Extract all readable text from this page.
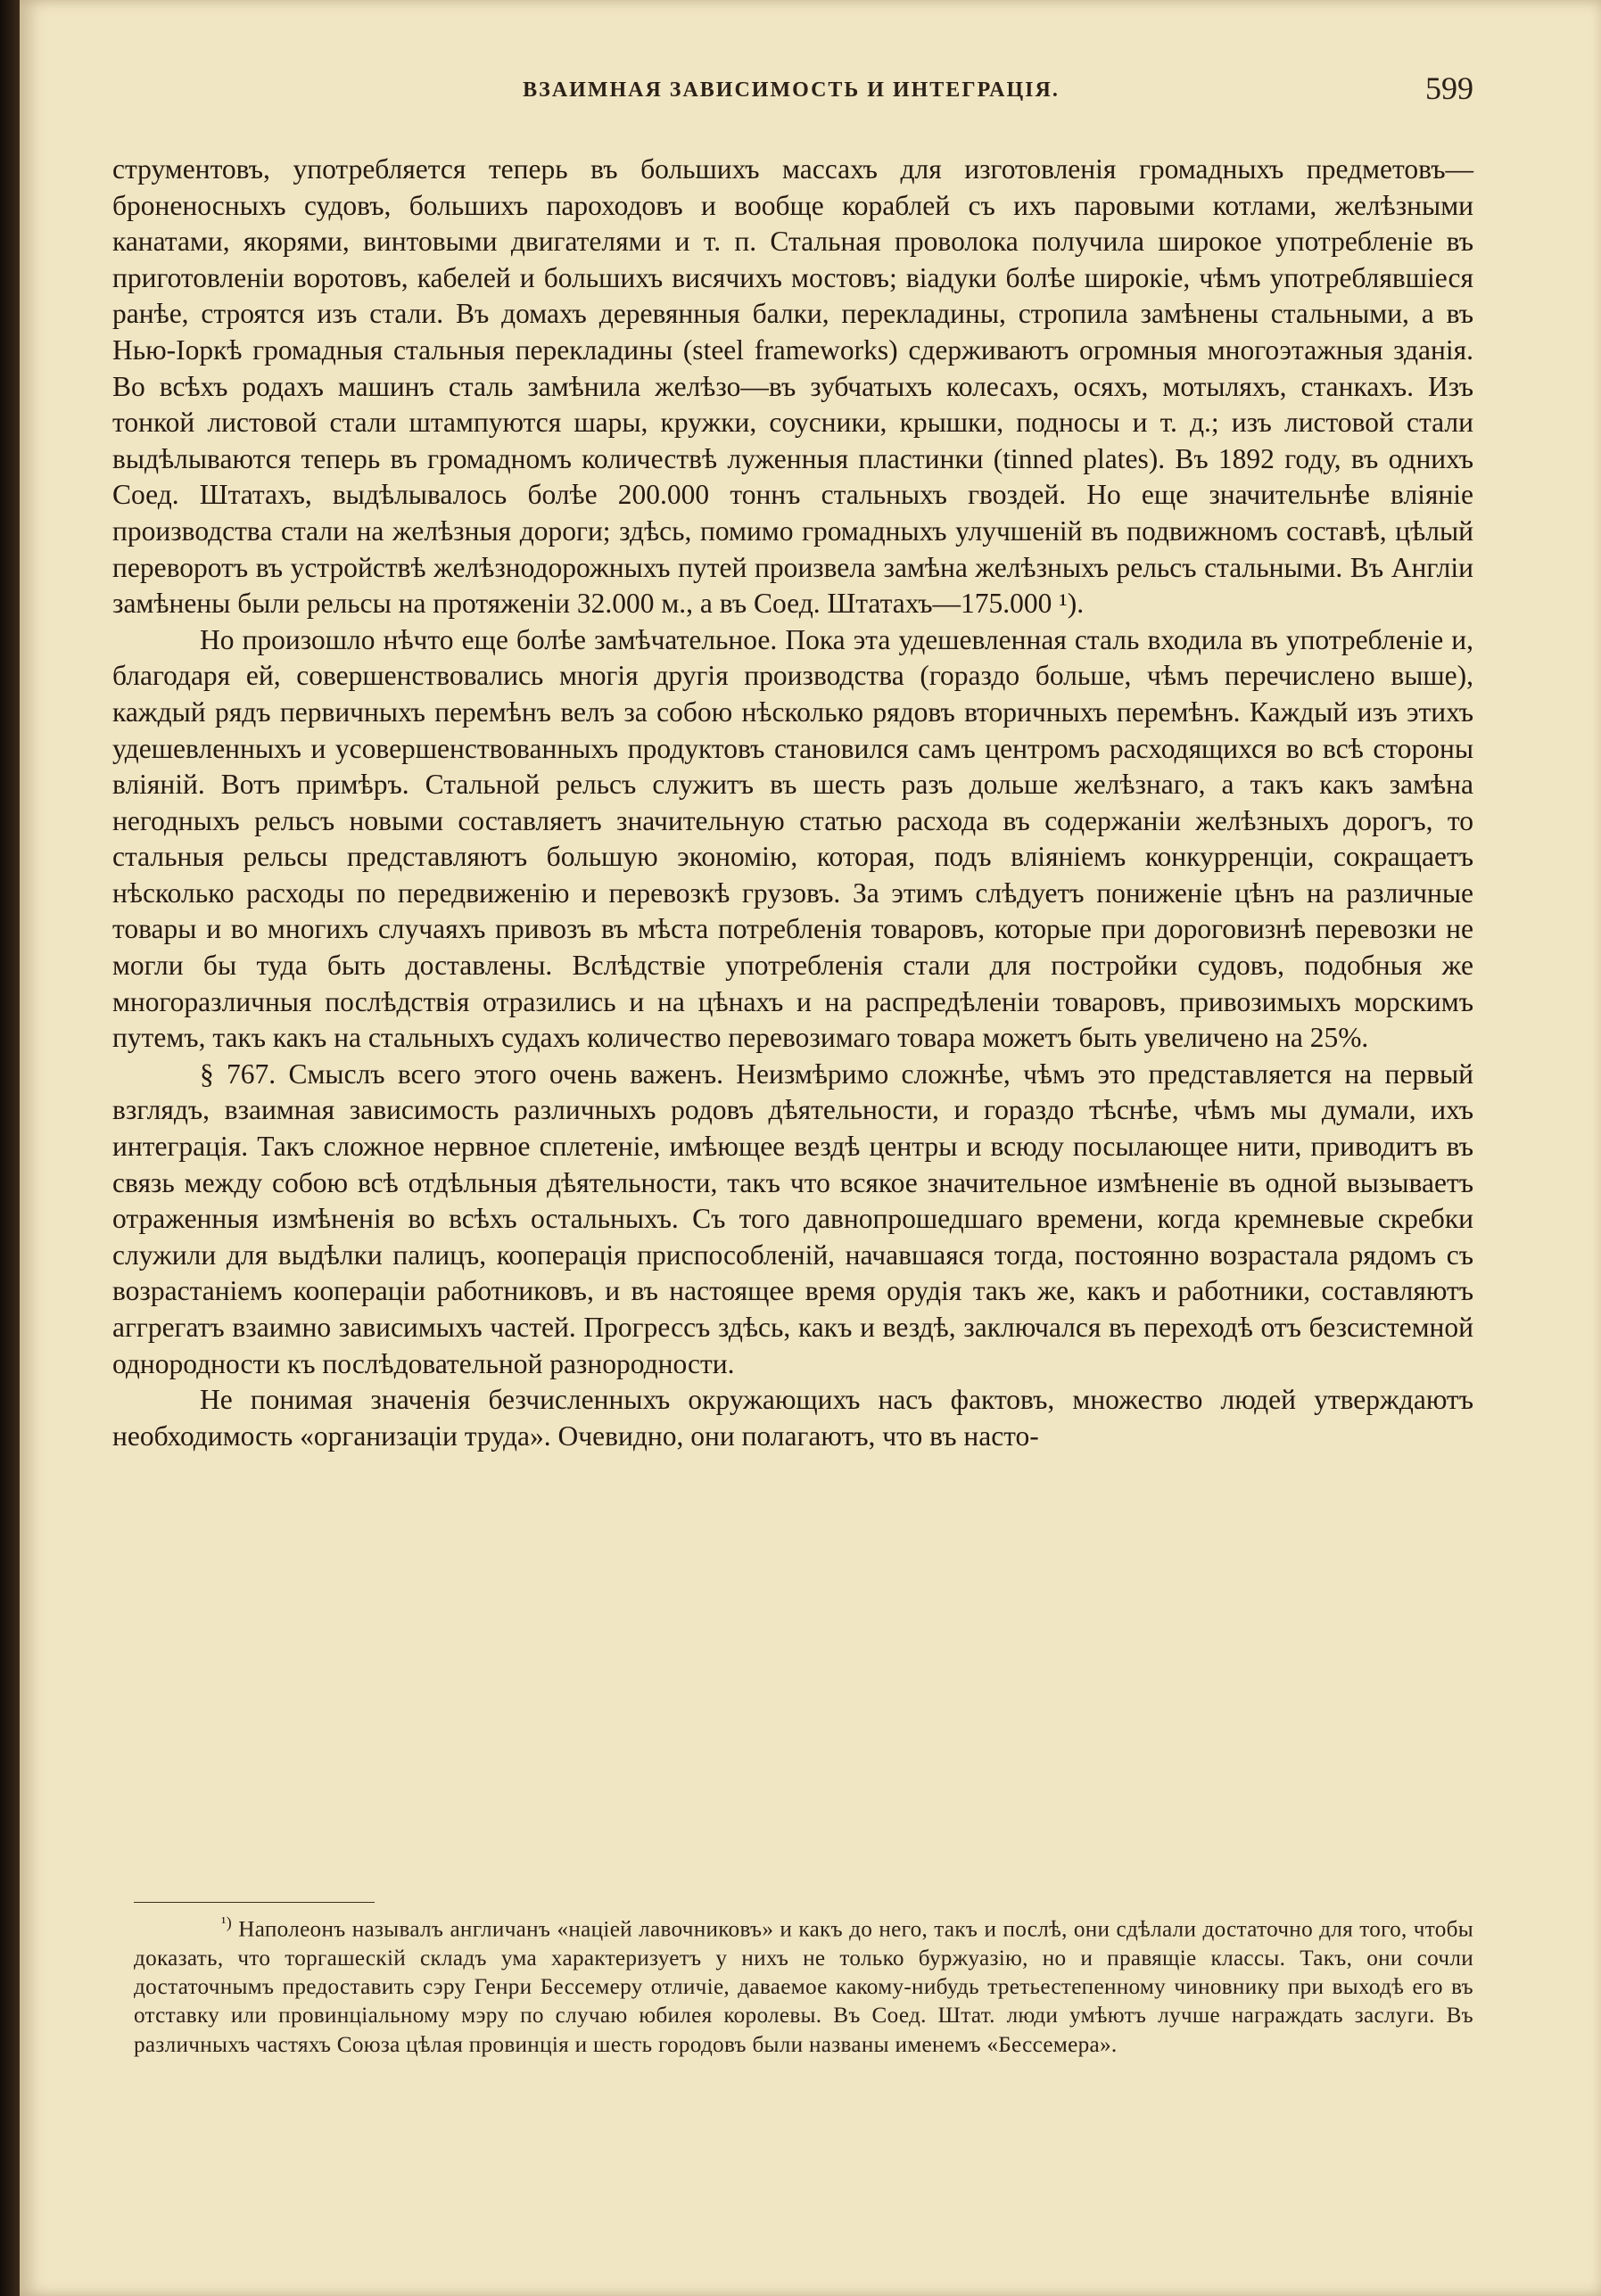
ВЗАИМНАЯ ЗАВИСИМОСТЬ И ИНТЕГРАЦІЯ.	599

струментовъ, употребляется теперь въ большихъ массахъ для изготовленія громадныхъ предметовъ—броненосныхъ судовъ, большихъ пароходовъ и вообще кораблей съ ихъ паровыми котлами, желѣзными канатами, якорями, винтовыми двигателями и т. п. Стальная проволока получила широкое употребленіе въ приготовленіи воротовъ, кабелей и большихъ висячихъ мостовъ; віадуки болѣе широкіе, чѣмъ употреблявшіеся ранѣе, строятся изъ стали. Въ домахъ деревянныя балки, перекладины, стропила замѣнены стальными, а въ Нью-Іоркѣ громадныя стальныя перекладины (steel frameworks) сдерживаютъ огромныя многоэтажныя зданія. Во всѣхъ родахъ машинъ сталь замѣнила желѣзо—въ зубчатыхъ колесахъ, осяхъ, мотыляхъ, станкахъ. Изъ тонкой листовой стали штампуются шары, кружки, соусники, крышки, подносы и т. д.; изъ листовой стали выдѣлываются теперь въ громадномъ количествѣ луженныя пластинки (tinned plates). Въ 1892 году, въ однихъ Соед. Штатахъ, выдѣлывалось болѣе 200.000 тоннъ стальныхъ гвоздей. Но еще значительнѣе вліяніе производства стали на желѣзныя дороги; здѣсь, помимо громадныхъ улучшеній въ подвижномъ составѣ, цѣлый переворотъ въ устройствѣ желѣзнодорожныхъ путей произвела замѣна желѣзныхъ рельсъ стальными. Въ Англіи замѣнены были рельсы на протяженіи 32.000 м., а въ Соед. Штатахъ—175.000 ¹).

Но произошло нѣчто еще болѣе замѣчательное. Пока эта удешевленная сталь входила въ употребленіе и, благодаря ей, совершенствовались многія другія производства (гораздо больше, чѣмъ перечислено выше), каждый рядъ первичныхъ перемѣнъ велъ за собою нѣсколько рядовъ вторичныхъ перемѣнъ. Каждый изъ этихъ удешевленныхъ и усовершенствованныхъ продуктовъ становился самъ центромъ расходящихся во всѣ стороны вліяній. Вотъ примѣръ. Стальной рельсъ служитъ въ шесть разъ дольше желѣзнаго, а такъ какъ замѣна негодныхъ рельсъ новыми составляетъ значительную статью расхода въ содержаніи желѣзныхъ дорогъ, то стальныя рельсы представляютъ большую экономію, которая, подъ вліяніемъ конкурренціи, сокращаетъ нѣсколько расходы по передвиженію и перевозкѣ грузовъ. За этимъ слѣдуетъ пониженіе цѣнъ на различные товары и во многихъ случаяхъ привозъ въ мѣста потребленія товаровъ, которые при дороговизнѣ перевозки не могли бы туда быть доставлены. Вслѣдствіе употребленія стали для постройки судовъ, подобныя же многоразличныя послѣдствія отразились и на цѣнахъ и на распредѣленіи товаровъ, привозимыхъ морскимъ путемъ, такъ какъ на стальныхъ судахъ количество перевозимаго товара можетъ быть увеличено на 25%.

§ 767. Смыслъ всего этого очень важенъ. Неизмѣримо сложнѣе, чѣмъ это представляется на первый взглядъ, взаимная зависимость различныхъ родовъ дѣятельности, и гораздо тѣснѣе, чѣмъ мы думали, ихъ интеграція. Такъ сложное нервное сплетеніе, имѣющее вездѣ центры и всюду посылающее нити, приводитъ въ связь между собою всѣ отдѣльныя дѣятельности, такъ что всякое значительное измѣненіе въ одной вызываетъ отраженныя измѣненія во всѣхъ остальныхъ. Съ того давнопрошедшаго времени, когда кремневые скребки служили для выдѣлки палицъ, кооперація приспособленій, начавшаяся тогда, постоянно возрастала рядомъ съ возрастаніемъ коопераціи работниковъ, и въ настоящее время орудія такъ же, какъ и работники, составляютъ аггрегатъ взаимно зависимыхъ частей. Прогрессъ здѣсь, какъ и вездѣ, заключался въ переходѣ отъ безсистемной однородности къ послѣдовательной разнородности.

Не понимая значенія безчисленныхъ окружающихъ насъ фактовъ, множество людей утверждаютъ необходимость «организаціи труда». Очевидно, они полагаютъ, что въ насто-

$^{^1)}$ Наполеонъ называлъ англичанъ «націей лавочниковъ» и какъ до него, такъ и послѣ, они сдѣлали достаточно для того, чтобы доказать, что торгашескій складъ ума характеризуетъ у нихъ не только буржуазію, но и правящіе классы. Такъ, они сочли достаточнымъ предоставить сэру Генри Бессемеру отличіе, даваемое какому-нибудь третьестепенному чиновнику при выходѣ его въ отставку или провинціальному мэру по случаю юбилея королевы. Въ Соед. Штат. люди умѣютъ лучше награждать заслуги. Въ различныхъ частяхъ Союза цѣлая провинція и шесть городовъ были названы именемъ «Бессемера».
